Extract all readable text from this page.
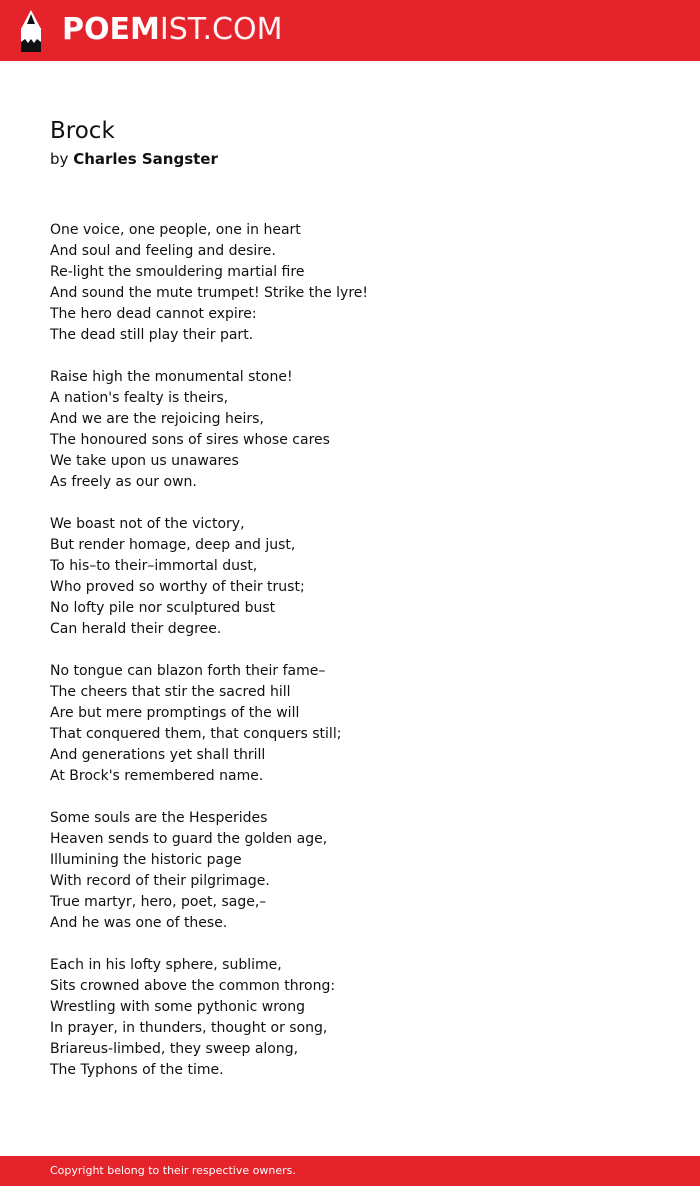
POEMIST.COM
Brock
by Charles Sangster
One voice, one people, one in heart
And soul and feeling and desire.
Re-light the smouldering martial fire
And sound the mute trumpet! Strike the lyre!
The hero dead cannot expire:
The dead still play their part.
Raise high the monumental stone!
A nation's fealty is theirs,
And we are the rejoicing heirs,
The honoured sons of sires whose cares
We take upon us unawares
As freely as our own.
We boast not of the victory,
But render homage, deep and just,
To his–to their–immortal dust,
Who proved so worthy of their trust;
No lofty pile nor sculptured bust
Can herald their degree.
No tongue can blazon forth their fame–
The cheers that stir the sacred hill
Are but mere promptings of the will
That conquered them, that conquers still;
And generations yet shall thrill
At Brock's remembered name.
Some souls are the Hesperides
Heaven sends to guard the golden age,
Illumining the historic page
With record of their pilgrimage.
True martyr, hero, poet, sage,–
And he was one of these.
Each in his lofty sphere, sublime,
Sits crowned above the common throng:
Wrestling with some pythonic wrong
In prayer, in thunders, thought or song,
Briareus-limbed, they sweep along,
The Typhons of the time.
Copyright belong to their respective owners.
